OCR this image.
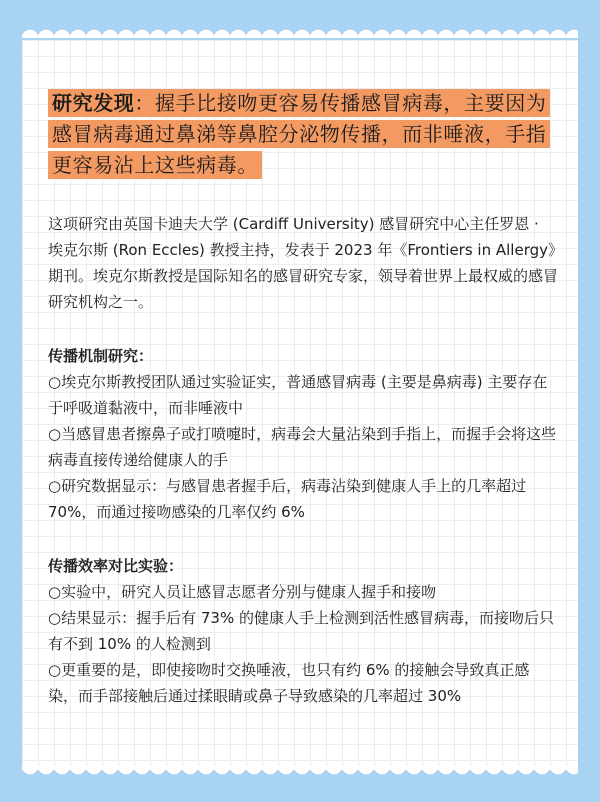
研究发现：握手比接吻更容易传播感冒病毒，主要因为感冒病毒通过鼻涕等鼻腔分泌物传播，而非唾液，手指更容易沾上这些病毒。

这项研究由英国卡迪夫大学 (Cardiff University) 感冒研究中心主任罗恩 · 埃克尔斯 (Ron Eccles) 教授主持，发表于 2023 年《Frontiers in Allergy》期刊。埃克尔斯教授是国际知名的感冒研究专家，领导着世界上最权威的感冒研究机构之一。

传播机制研究：

○埃克尔斯教授团队通过实验证实，普通感冒病毒 (主要是鼻病毒) 主要存在于呼吸道黏液中，而非唾液中

○当感冒患者擦鼻子或打喷嚏时，病毒会大量沾染到手指上，而握手会将这些病毒直接传递给健康人的手

○研究数据显示：与感冒患者握手后，病毒沾染到健康人手上的几率超过 70%，而通过接吻感染的几率仅约 6%

传播效率对比实验：

○实验中，研究人员让感冒志愿者分别与健康人握手和接吻

○结果显示：握手后有 73% 的健康人手上检测到活性感冒病毒，而接吻后只有不到 10% 的人检测到

○更重要的是，即使接吻时交换唾液，也只有约 6% 的接触会导致真正感染，而手部接触后通过揉眼睛或鼻子导致感染的几率超过 30%
